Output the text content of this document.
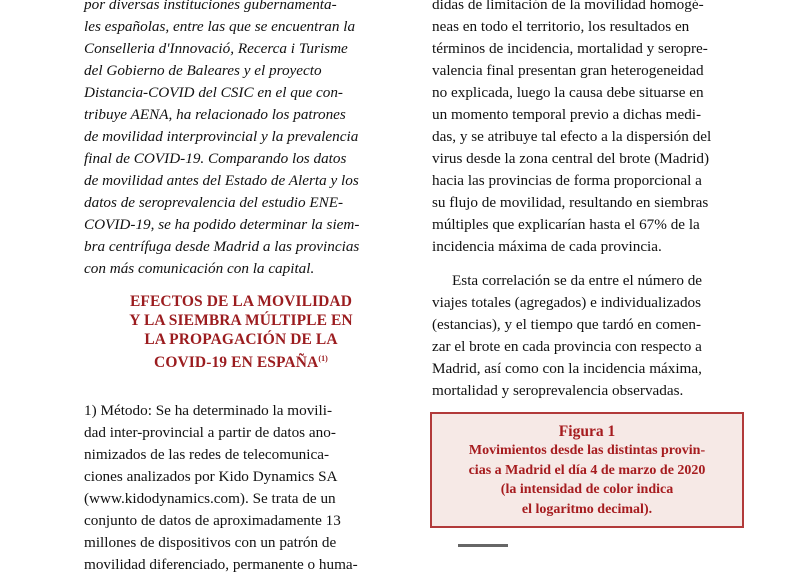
por diversas instituciones gubernamenta-

les españolas, entre las que se encuentran la

Conselleria d'Innovació, Recerca i Turisme

del Gobierno de Baleares y el proyecto

Distancia-COVID del CSIC en el que con-

tribuye AENA, ha relacionado los patrones

de movilidad interprovincial y la prevalencia

final de COVID-19. Comparando los datos

de movilidad antes del Estado de Alerta y los

datos de seroprevalencia del estudio ENE-

COVID-19, se ha podido determinar la siem-

bra centrífuga desde Madrid a las provincias

con más comunicación con la capital.

EFECTOS DE LA MOVILIDAD

Y LA SIEMBRA MÚLTIPLE EN

LA PROPAGACIÓN DE LA

COVID-19 EN ESPAÑA$^{(1)}$

1) Método: Se ha determinado la movili-

dad inter-provincial a partir de datos ano-

nimizados de las redes de telecomunica-

ciones analizados por Kido Dynamics SA

(www.kidodynamics.com). Se trata de un

conjunto de datos de aproximadamente 13

millones de dispositivos con un patrón de

movilidad diferenciado, permanente o huma-

didas de limitación de la movilidad homogé-

neas en todo el territorio, los resultados en

términos de incidencia, mortalidad y seropre-

valencia final presentan gran heterogeneidad

no explicada, luego la causa debe situarse en

un momento temporal previo a dichas medi-

das, y se atribuye tal efecto a la dispersión del

virus desde la zona central del brote (Madrid)

hacia las provincias de forma proporcional a

su flujo de movilidad, resultando en siembras

múltiples que explicarían hasta el 67% de la

incidencia máxima de cada provincia.

Esta correlación se da entre el número de

viajes totales (agregados) e individualizados

(estancias), y el tiempo que tardó en comen-

zar el brote en cada provincia con respecto a

Madrid, así como con la incidencia máxima,

mortalidad y seroprevalencia observadas.

Figura 1
Movimientos desde las distintas provin-
cias a Madrid el día 4 de marzo de 2020
(la intensidad de color indica
el logaritmo decimal).
